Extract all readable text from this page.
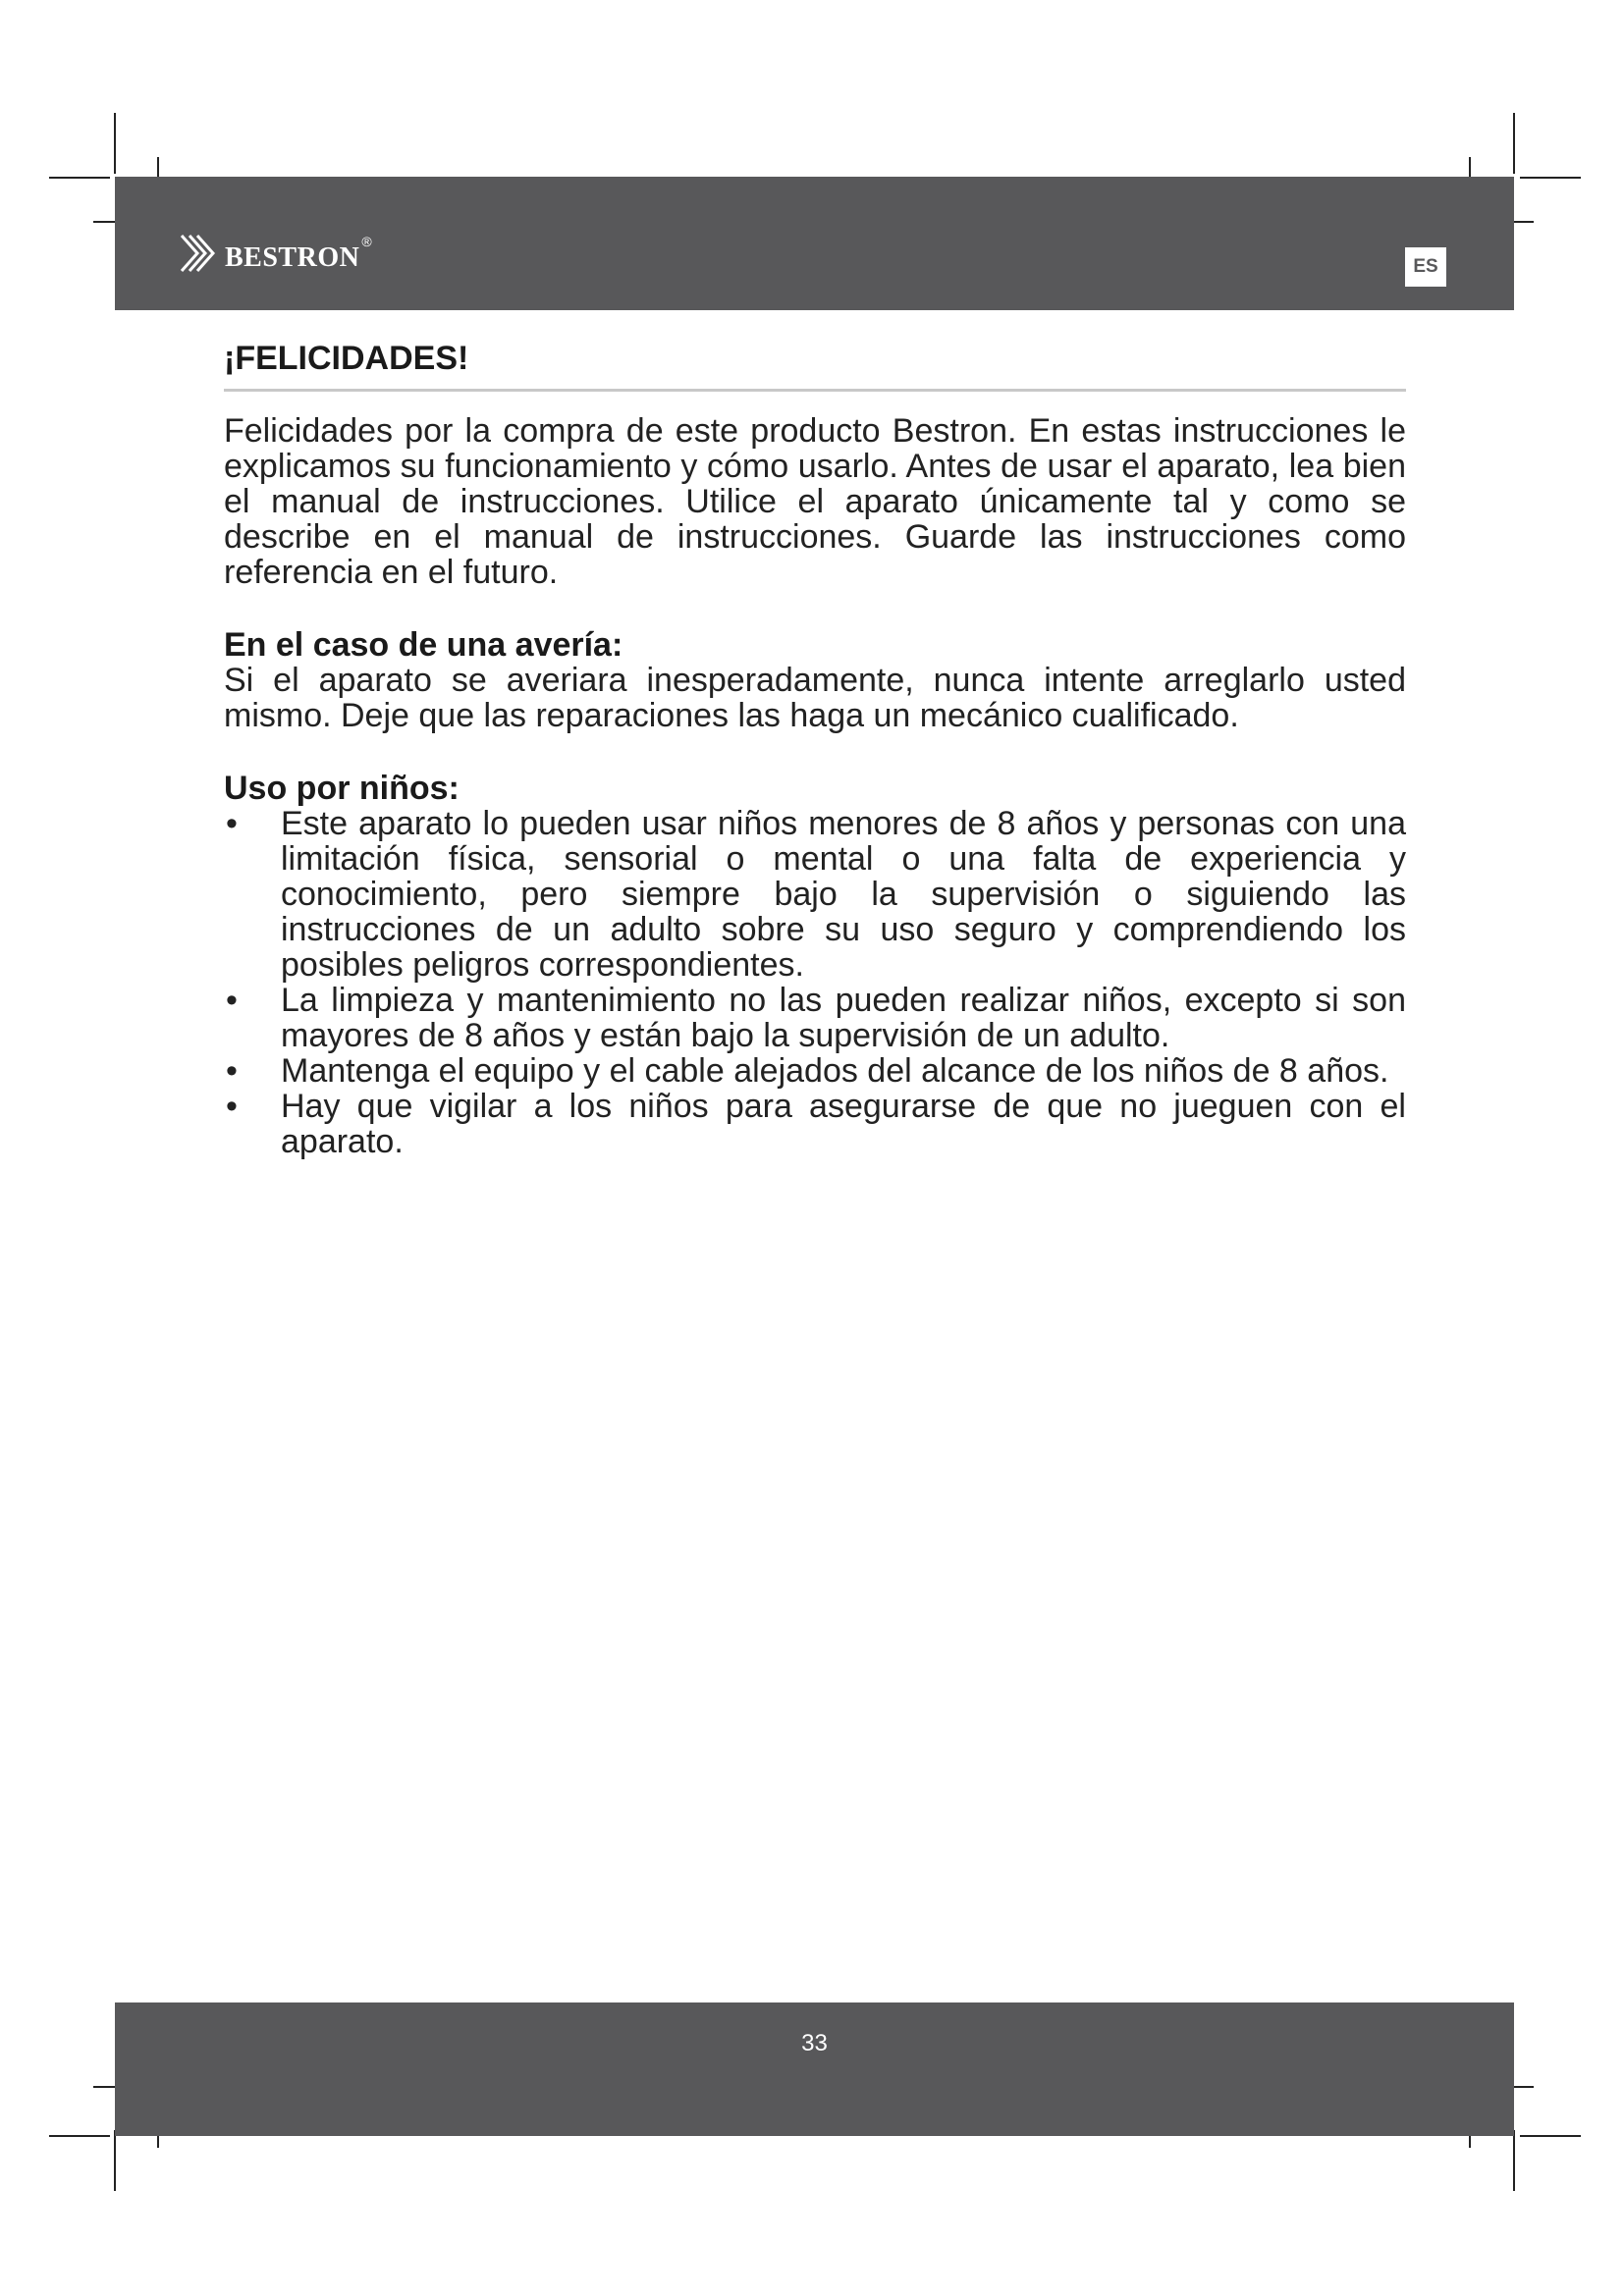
bestron ®
ES
¡FELICIDADES!

Felicidades por la compra de este producto Bestron. En estas instrucciones le explicamos su funcionamiento y cómo usarlo. Antes de usar el aparato, lea bien el manual de instrucciones. Utilice el aparato únicamente tal y como se describe en el manual de instrucciones. Guarde las instrucciones como referencia en el futuro.

En el caso de una avería:

Si el aparato se averiara inesperadamente, nunca intente arreglarlo usted mismo. Deje que las reparaciones las haga un mecánico cualificado.

Uso por niños:
• Este aparato lo pueden usar niños menores de 8 años y personas con una limitación física, sensorial o mental o una falta de experiencia y conocimiento, pero siempre bajo la supervisión o siguiendo las instrucciones de un adulto sobre su uso seguro y comprendiendo los posibles peligros correspondientes.
• La limpieza y mantenimiento no las pueden realizar niños, excepto si son mayores de 8 años y están bajo la supervisión de un adulto.
• Mantenga el equipo y el cable alejados del alcance de los niños de 8 años.
• Hay que vigilar a los niños para asegurarse de que no jueguen con el aparato.
33
